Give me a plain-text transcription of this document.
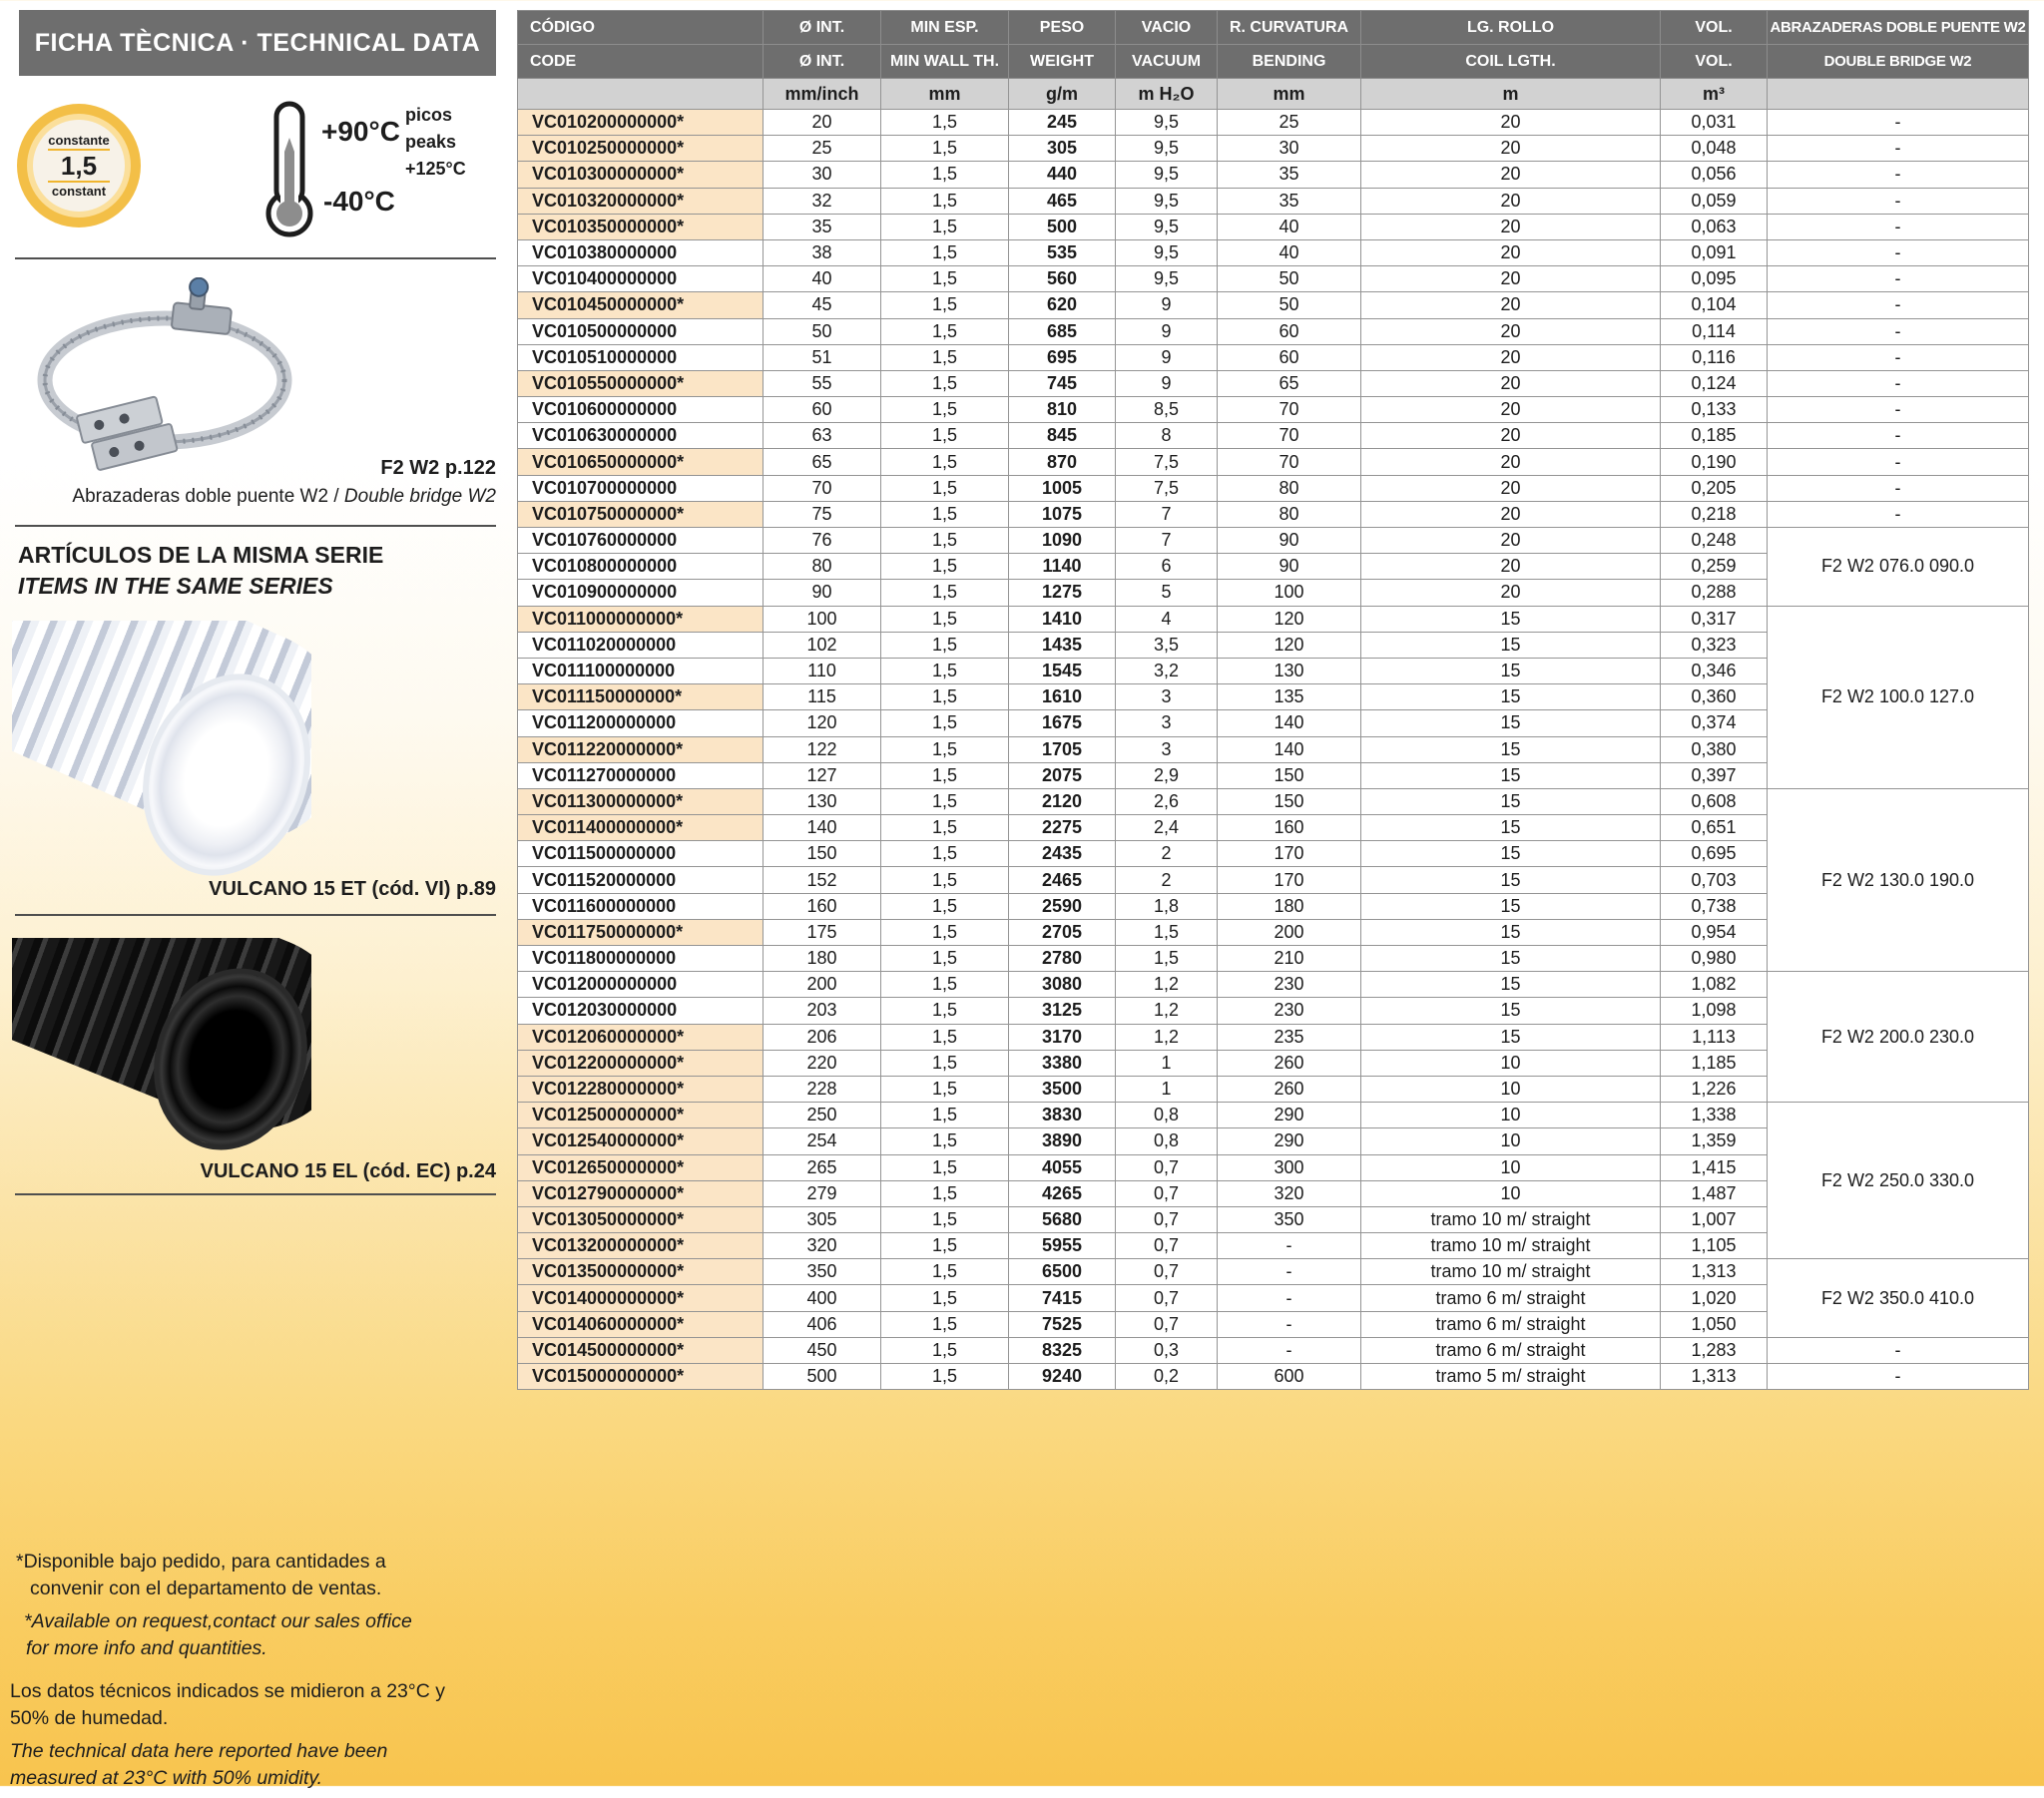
FICHA TÈCNICA · TECHNICAL DATA
constante
1,5
constant
+90°C
-40°C
picos
peaks
+125°C
F2 W2 p.122
Abrazaderas doble puente W2 / Double bridge W2
ARTÍCULOS DE LA MISMA SERIE
ITEMS IN THE SAME SERIES
VULCANO 15 ET (cód. VI) p.89
VULCANO 15 EL (cód. EC) p.24

*Disponible bajo pedido, para cantidades a
convenir con el departamento de ventas.

*Available on request,contact our sales office
for more info and quantities.

Los datos técnicos indicados se midieron a 23°C y
50% de humedad.

The technical data here reported have been
measured at 23°C with 50% umidity.

CÓDIGO	Ø INT.	MIN ESP.	PESO	VACIO	R. CURVATURA	LG. ROLLO	VOL.	ABRAZADERAS DOBLE PUENTE W2
CODE	Ø INT.	MIN WALL TH.	WEIGHT	VACUUM	BENDING	COIL LGTH.	VOL.	DOUBLE BRIDGE W2
	mm/inch	mm	g/m	m H₂O	mm	m	m³	
VC010200000000*	20	1,5	245	9,5	25	20	0,031	-
VC010250000000*	25	1,5	305	9,5	30	20	0,048	-
VC010300000000*	30	1,5	440	9,5	35	20	0,056	-
VC010320000000*	32	1,5	465	9,5	35	20	0,059	-
VC010350000000*	35	1,5	500	9,5	40	20	0,063	-
VC010380000000	38	1,5	535	9,5	40	20	0,091	-
VC010400000000	40	1,5	560	9,5	50	20	0,095	-
VC010450000000*	45	1,5	620	9	50	20	0,104	-
VC010500000000	50	1,5	685	9	60	20	0,114	-
VC010510000000	51	1,5	695	9	60	20	0,116	-
VC010550000000*	55	1,5	745	9	65	20	0,124	-
VC010600000000	60	1,5	810	8,5	70	20	0,133	-
VC010630000000	63	1,5	845	8	70	20	0,185	-
VC010650000000*	65	1,5	870	7,5	70	20	0,190	-
VC010700000000	70	1,5	1005	7,5	80	20	0,205	-
VC010750000000*	75	1,5	1075	7	80	20	0,218	-
VC010760000000	76	1,5	1090	7	90	20	0,248	F2 W2 076.0 090.0
VC010800000000	80	1,5	1140	6	90	20	0,259	
VC010900000000	90	1,5	1275	5	100	20	0,288	
VC011000000000*	100	1,5	1410	4	120	15	0,317	F2 W2 100.0 127.0
VC011020000000	102	1,5	1435	3,5	120	15	0,323	
VC011100000000	110	1,5	1545	3,2	130	15	0,346	
VC011150000000*	115	1,5	1610	3	135	15	0,360	
VC011200000000	120	1,5	1675	3	140	15	0,374	
VC011220000000*	122	1,5	1705	3	140	15	0,380	
VC011270000000	127	1,5	2075	2,9	150	15	0,397	
VC011300000000*	130	1,5	2120	2,6	150	15	0,608	F2 W2 130.0 190.0
VC011400000000*	140	1,5	2275	2,4	160	15	0,651	
VC011500000000	150	1,5	2435	2	170	15	0,695	
VC011520000000	152	1,5	2465	2	170	15	0,703	
VC011600000000	160	1,5	2590	1,8	180	15	0,738	
VC011750000000*	175	1,5	2705	1,5	200	15	0,954	
VC011800000000	180	1,5	2780	1,5	210	15	0,980	
VC012000000000	200	1,5	3080	1,2	230	15	1,082	F2 W2 200.0 230.0
VC012030000000	203	1,5	3125	1,2	230	15	1,098	
VC012060000000*	206	1,5	3170	1,2	235	15	1,113	
VC012200000000*	220	1,5	3380	1	260	10	1,185	
VC012280000000*	228	1,5	3500	1	260	10	1,226	
VC012500000000*	250	1,5	3830	0,8	290	10	1,338	F2 W2 250.0 330.0
VC012540000000*	254	1,5	3890	0,8	290	10	1,359	
VC012650000000*	265	1,5	4055	0,7	300	10	1,415	
VC012790000000*	279	1,5	4265	0,7	320	10	1,487	
VC013050000000*	305	1,5	5680	0,7	350	tramo 10 m/ straight	1,007	
VC013200000000*	320	1,5	5955	0,7	-	tramo 10 m/ straight	1,105	
VC013500000000*	350	1,5	6500	0,7	-	tramo 10 m/ straight	1,313	F2 W2 350.0 410.0
VC014000000000*	400	1,5	7415	0,7	-	tramo 6 m/ straight	1,020	
VC014060000000*	406	1,5	7525	0,7	-	tramo 6 m/ straight	1,050	
VC014500000000*	450	1,5	8325	0,3	-	tramo 6 m/ straight	1,283	-
VC015000000000*	500	1,5	9240	0,2	600	tramo 5 m/ straight	1,313	-
